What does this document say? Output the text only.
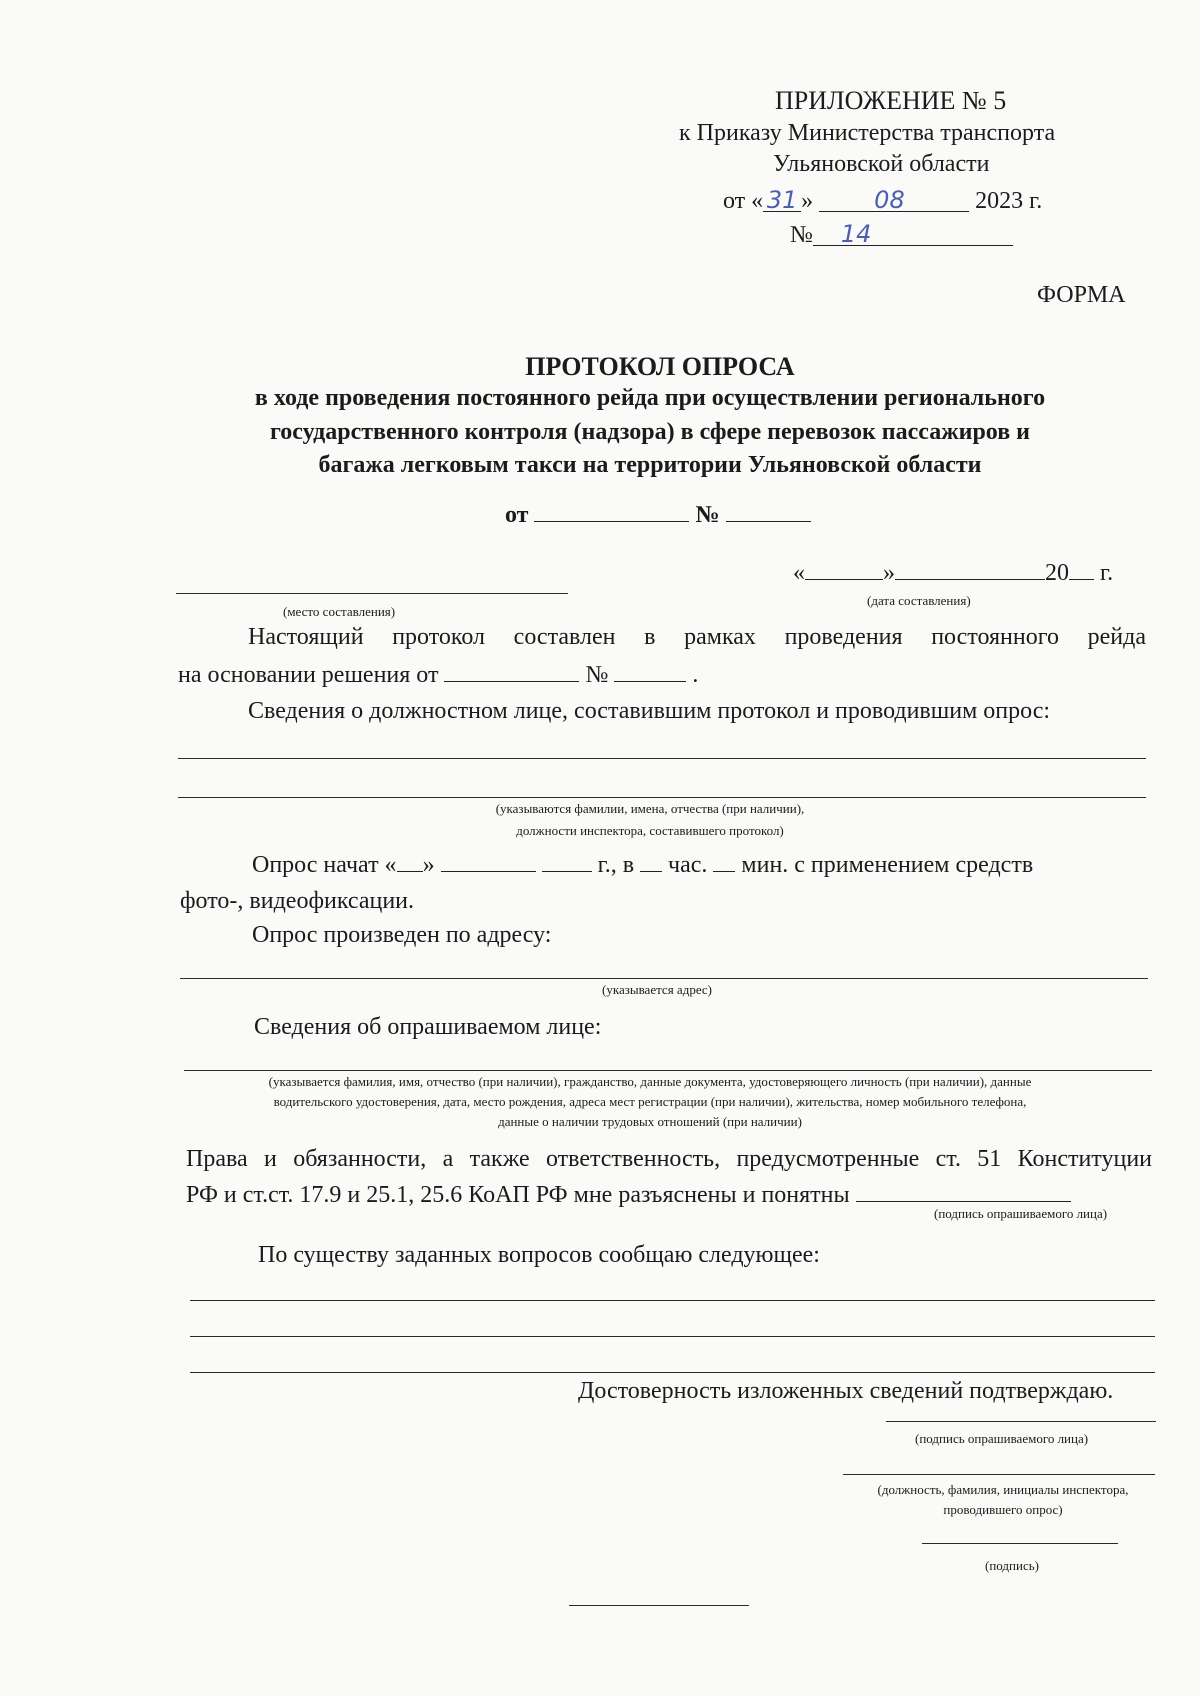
ПРИЛОЖЕНИЕ № 5
к Приказу Министерства транспорта
Ульяновской области
от « 31 »	08	2023 г.
№ 14
ФОРМА
ПРОТОКОЛ ОПРОСА
в ходе проведения постоянного рейда при осуществлении регионального
государственного контроля (надзора) в сфере перевозок пассажиров и
багажа легковым такси на территории Ульяновской области
от	№
(место составления)
«	»	20 г.
(дата составления)
Настоящий протокол составлен в рамках проведения постоянного рейда
на основании решения от	№	.
Сведения о должностном лице, составившим протокол и проводившим опрос:
(указываются фамилии, имена, отчества (при наличии),
должности инспектора, составившего протокол)
Опрос начат « »	г., в час. мин. с применением средств
фото-, видеофиксации.
Опрос произведен по адресу:
(указывается адрес)
Сведения об опрашиваемом лице:
(указывается фамилия, имя, отчество (при наличии), гражданство, данные документа, удостоверяющего личность (при наличии), данные
водительского удостоверения, дата, место рождения, адреса мест регистрации (при наличии), жительства, номер мобильного телефона,
данные о наличии трудовых отношений (при наличии)
Права и обязанности, а также ответственность, предусмотренные ст. 51 Конституции
РФ и ст.ст. 17.9 и 25.1, 25.6 КоАП РФ мне разъяснены и понятны
(подпись опрашиваемого лица)
По существу заданных вопросов сообщаю следующее:
Достоверность изложенных сведений подтверждаю.
(подпись опрашиваемого лица)
(должность, фамилия, инициалы инспектора,
проводившего опрос)
(подпись)
